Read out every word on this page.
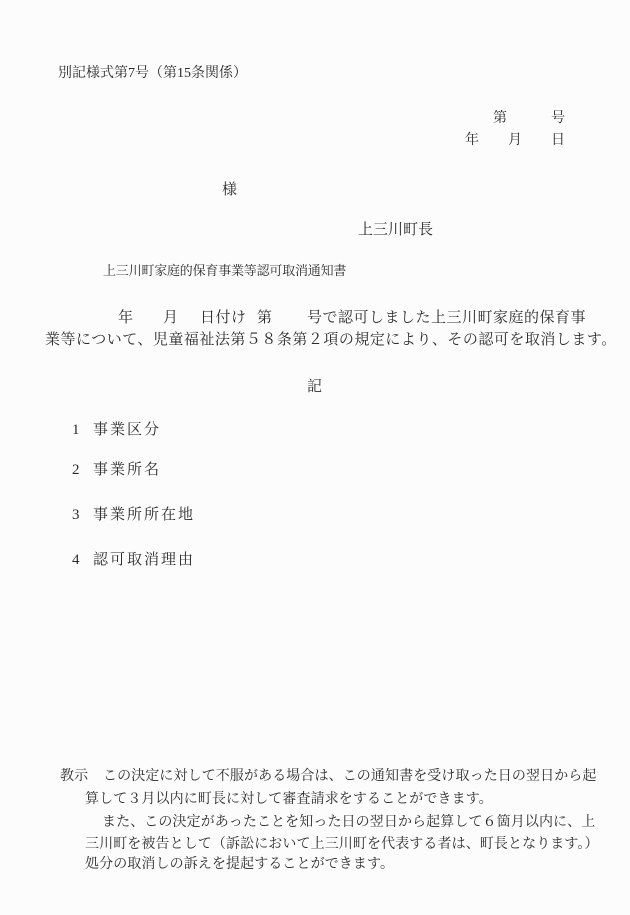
別記様式第7号（第15条関係）
第	号
年 月 日
様
上三川町長
上三川町家庭的保育事業等認可取消通知書
年 月 日付け 第 号で認可しました上三川町家庭的保育事
業等について、児童福祉法第５８条第２項の規定により、その認可を取消します。
記
1 事業区分
2 事業所名
3 事業所所在地
4 認可取消理由
教示 この決定に対して不服がある場合は、この通知書を受け取った日の翌日から起
算して３月以内に町長に対して審査請求をすることができます。
また、この決定があったことを知った日の翌日から起算して６箇月以内に、上
三川町を被告として（訴訟において上三川町を代表する者は、町長となります。）
処分の取消しの訴えを提起することができます。
